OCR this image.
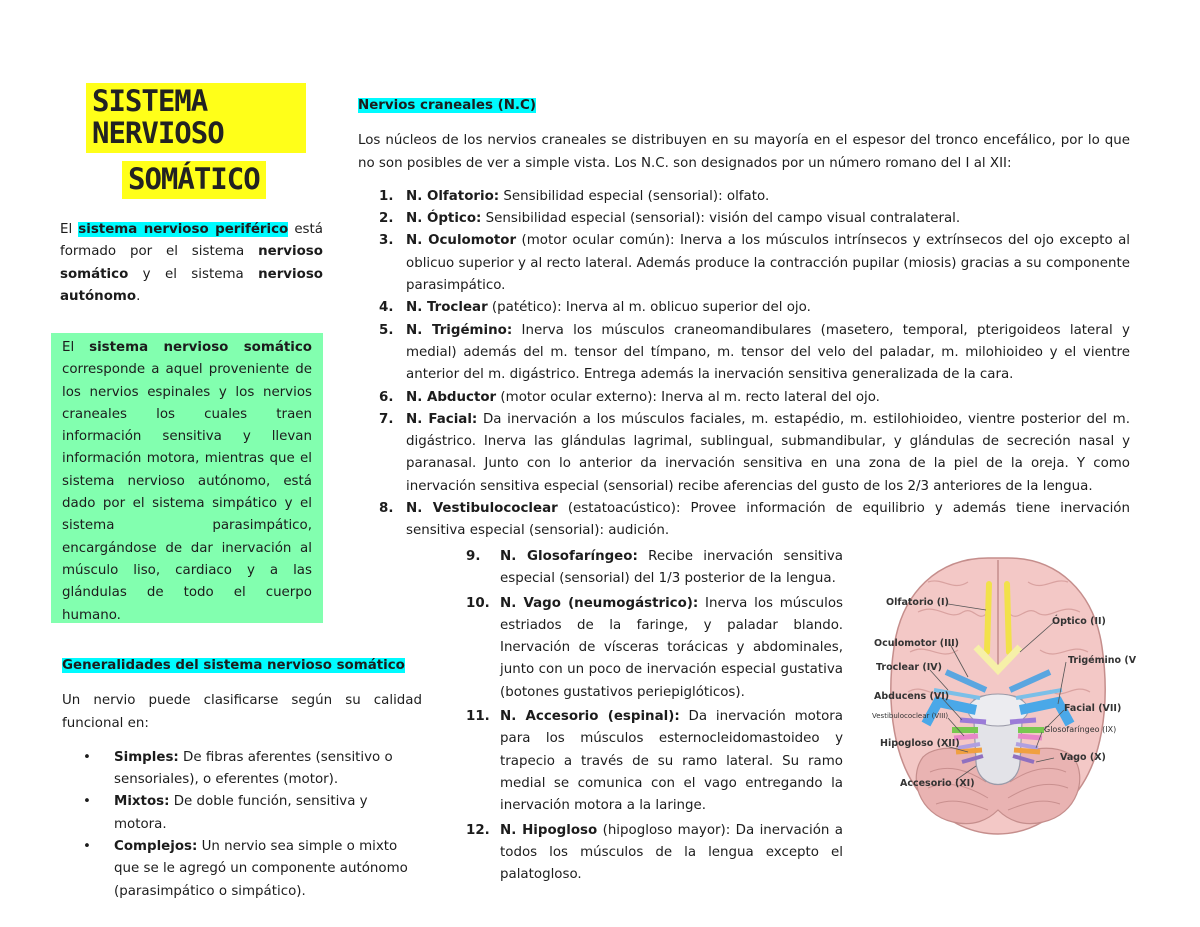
SISTEMA NERVIOSO
SOMÁTICO
El sistema nervioso periférico está formado por el sistema nervioso somático y el sistema nervioso autónomo.
El sistema nervioso somático corresponde a aquel proveniente de los nervios espinales y los nervios craneales los cuales traen información sensitiva y llevan información motora, mientras que el sistema nervioso autónomo, está dado por el sistema simpático y el sistema parasimpático, encargándose de dar inervación al músculo liso, cardiaco y a las glándulas de todo el cuerpo humano.
Generalidades del sistema nervioso somático
Un nervio puede clasificarse según su calidad funcional en:
• Simples: De fibras aferentes (sensitivo o sensoriales), o eferentes (motor).
• Mixtos: De doble función, sensitiva y motora.
• Complejos: Un nervio sea simple o mixto que se le agregó un componente autónomo (parasimpático o simpático).
Nervios craneales (N.C)
Los núcleos de los nervios craneales se distribuyen en su mayoría en el espesor del tronco encefálico, por lo que no son posibles de ver a simple vista. Los N.C. son designados por un número romano del I al XII:
1. N. Olfatorio: Sensibilidad especial (sensorial): olfato.
2. N. Óptico: Sensibilidad especial (sensorial): visión del campo visual contralateral.
3. N. Oculomotor (motor ocular común): Inerva a los músculos intrínsecos y extrínsecos del ojo excepto al oblicuo superior y al recto lateral. Además produce la contracción pupilar (miosis) gracias a su componente parasimpático.
4. N. Troclear (patético): Inerva al m. oblicuo superior del ojo.
5. N. Trigémino: Inerva los músculos craneomandibulares (masetero, temporal, pterigoideos lateral y medial) además del m. tensor del tímpano, m. tensor del velo del paladar, m. milohioideo y el vientre anterior del m. digástrico. Entrega además la inervación sensitiva generalizada de la cara.
6. N. Abductor (motor ocular externo): Inerva al m. recto lateral del ojo.
7. N. Facial: Da inervación a los músculos faciales, m. estapédio, m. estilohioideo, vientre posterior del m. digástrico. Inerva las glándulas lagrimal, sublingual, submandibular, y glándulas de secreción nasal y paranasal. Junto con lo anterior da inervación sensitiva en una zona de la piel de la oreja. Y como inervación sensitiva especial (sensorial) recibe aferencias del gusto de los 2/3 anteriores de la lengua.
8. N. Vestibulococlear (estatoacústico): Provee información de equilibrio y además tiene inervación sensitiva especial (sensorial): audición.
9. N. Glosofaríngeo: Recibe inervación sensitiva especial (sensorial) del 1/3 posterior de la lengua.
10. N. Vago (neumogástrico): Inerva los músculos estriados de la faringe, y paladar blando. Inervación de vísceras torácicas y abdominales, junto con un poco de inervación especial gustativa (botones gustativos periepiglóticos).
11. N. Accesorio (espinal): Da inervación motora para los músculos esternocleidomastoideo y trapecio a través de su ramo lateral. Su ramo medial se comunica con el vago entregando la inervación motora a la laringe.
12. N. Hipogloso (hipogloso mayor): Da inervación a todos los músculos de la lengua excepto el palatogloso.
Olfatorio (I)
Óptico (II)
Oculomotor (III)
Troclear (IV)
Trigémino (V
Abducens (VI)
Facial (VII)
Vestibulococlear (VIII)
Glosofaríngeo (IX)
Hipogloso (XII)
Vago (X)
Accesorio (XI)
